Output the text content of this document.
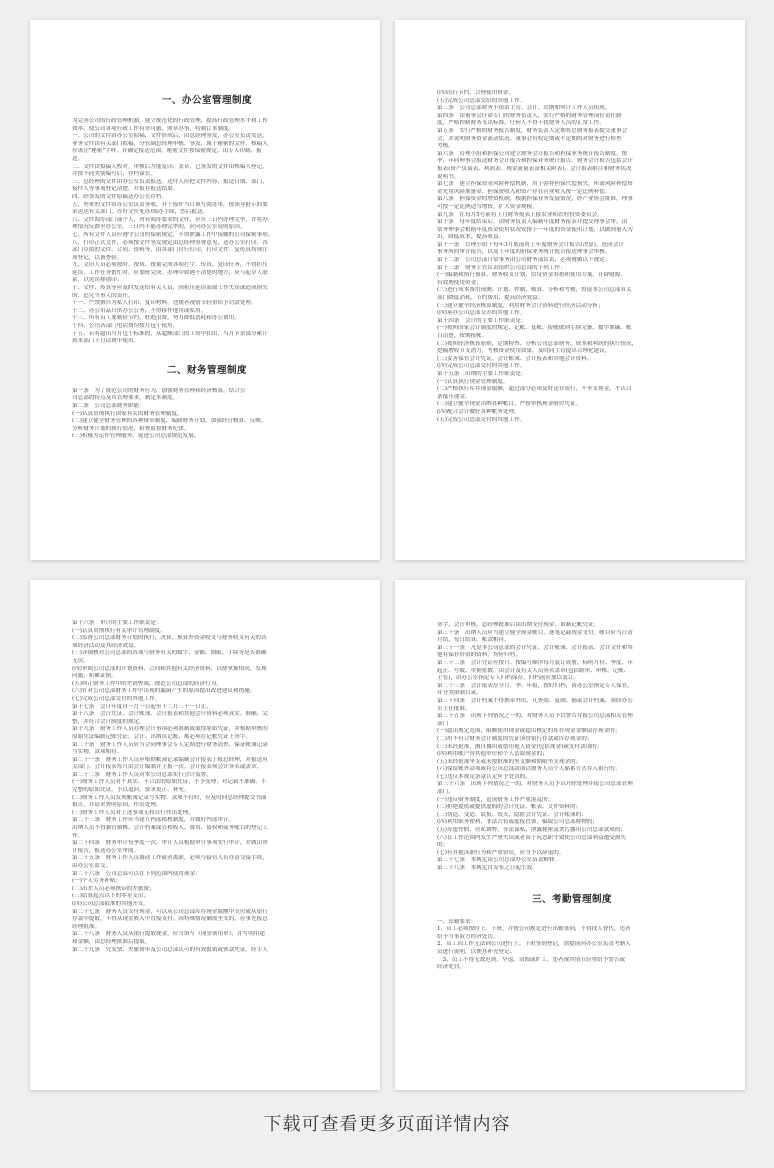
一、办公室管理制度
为完善公司的行政管理机制，建立规范化的行政管理，提高行政管理水平和工作
效率，使公司各项行政工作有章可循、照章办事，特制订本制度。
一、公司的文件由办公室拟稿，文件形成后，由总经理签发，办公室负责发送。
业务文件由有关部门拟稿，分管副总经理审核、签发，属于秘密的文件，核稿人
应该注"秘密"字样，并确定报送范围。秘密文件按保密规定，由专人印制、报
送。
二、文件由拟稿人校对，审核后方能复印、盖章，已签发的文件由核稿人登记，
并按不同类别编号后，存档保管。
三、总经理的文件由办公室负责报送。送件人应把文件内容，报送日期、部门、
接件人等事项登记清楚，并报存报送结果。
四、经签发的文件原稿送办公室存档。
五、外来的文件由办公室负责签收，并于接件当日填写阅办单，按领导批示的要
求送达有关部门，办好文件处办/阅办手续，然后报送。
六、文件阅办部门或个人，对有阅办要求的文件，应在三日内办理完毕，并将办
理情况反馈至办公室。三日内不能办理完毕的，应向办公室说明原因。
七、所有文件人员应遵守公司的保密规定，不得泄露工作中接触的公司保密事项。
八、打印正式文件，必须按文件签发规定由总经理签署意见，送办公室打印。各
部门草拟的文件、合同、资料等，由各部门自行打印，打印文件、复传真均须注
项登记，以备查验。
九、文印人员必须按时、按质、按量完成各项打字、传真、复印任务，不得拒压
延误。工作任务繁忙时，应加班完成。办理中如遇不清楚的地方，应与起草人联
系，以免误排错印。
十、文件、传真等应及时发送给有关人员，因积压延误而致工作失误或造成损失
的，追究当事人的责任。
十一、严禁擅自为私人打印、复印材料，违规者视情节轻重给予罚款处理。
十二、办公用品只供办公公务，不得移作他用或私用。
十三、所有员工要勤俭节约，杜绝浪费，努力降低消耗和办公费用。
十四、公司各部门电话费均按月包干使用。
十五、若有超出当月包干标准的，从超额部门的工资中扣出，当月节余部分累计
到本部门下月话费中使用。
二、财务管理制度
第一条　为了规范公司的财务行为，加强财务管理和经济核算，结合公
司总部的特点及其管理要求，制定本制度。
第二条　公司总部财务职能：
(一)认真贯彻执行国家有关的财务管理制度。
(二)建立健全财务管理的各种规章制度，编制财务计划，加强经营核算，反映、
分析财务计划的执行情况，检查监督财务纪律。
(三)积极为运作管理服务，促进公司总部规范发展。
(四)厉行节约，合理使用资金。
(五)完成公司总部交给的其他工作。
第三条　公司总部财务小组由主管、会计、出纳和审计工作人员组成。
第四条　由董事会任命专门的财务负责人，实行严格的财务管理岗位责任制
度，严格控制财务支出标准，任何人不得干扰财务人员的正常工作。
第五条　实行严格的财务报告制度，财务负责人定期将总财务报表提交董事会
会，并说明财务资金流动状况。董事会有权定期或不定期的对财务进行检查
考核。
第六条　管理小组和担保公司建立财务会计报告和担保业务统计报告制度，按
季、年向理事会报送财务会计报告和担保业务统计报告。财务会计报告包括会计
报表(资产负债表、利润表、现金流量表及相关附表)、会计报表附注和财务状况
说明书。
第七条　建立担保资金风险补偿机制，用于弥补担保代偿损失，所需风险补偿资
金先用风险准备金、担保费收入和资产存在营业收入按一定比例补偿。
第八条　担保资金的增资机制，根据担保业务发展情况，经产业协会批准，理事
可按一定比例适当增资，扩大资金规模。
第九条　在每月5号前将上月财务报表上报农业和农村投资委员会。
第十条　每年度结束后，由财务负责人编制年度财务报表并提交理事会审，由
常务理事会根据年度资金使用状况安排下一年度的资金使用计划，以做到量入为
出，降低成本，提高收益。
第十一条　管理小组于每年3月底前将上年度财务会计报告(决算)，连同会计
事务所的审计报告，以及上年度的担保业务统计报告报送理事会审核。
第十二条　公司总部日常事务由公司财务部负责，必须遵循以下规定：
第十三条　财务主管负责组织公司总部的下列工作：
(一)编制和执行预算、财务收支计划、信贷资金筹措和使用方案，开辟财源，
有效地使用资金；
(二)进行成本费用预测、计划、控制、核算、分析和考核，督促本公司总部有关
部门降低消耗、节约费用，提高经济效益；
(三)建立健全经济核算制度，利用财务会计资料进行经济活动分析；
(四)承办公司总部交办的其他工作。
第十四条　会计的主要工作职责是：
(一)按照国家会计制度的规定、记帐、复帐、报帐做到手续完备、数字准确、帐
目清楚、按期报帐。
(二)按照经济核算原则，定期检查、分析公司总部财务、成本和利润的执行情况，
挖掘增收节支潜力，考核资金使用效果，及时向主管提出合理化建议。
(三)妥善保管会计凭证、会计账簿、会计报表和其他会计资料。
(四)完成公司总部交付的其他工作。
第十五条　出纳的主要工作职责是：
(一)认真执行现金管理制度。
(二)严格执行库存现金限额，超过部分必须及时送存银行，不坐支现金，不认白
条抵压现金。
(三)建立健全现金出纳各种帐目，严格审核现金收付凭证。
(四)配合会计做好各种帐务处理。
(五)完成公司总部交付的其他工作。
第十六条　审计的主要工作职责是：
(一)认真贯彻执行有关审计管理制度。
(二)监督公司总部财务计划的执行，决算、预算外资金收支与财务收支有关的各
项经济活动及其经济效益。
(三)详细核对公司总部的各项与财务有关的数字、金额、期限、手续等是否准确
无误。
(四)审阅公司总部的计划资料、合同和其他有关经济资料，以便掌握情况，发现
问题，积累证据。
(五)纠正财务工作中的差错弊端，规范公司总部的经济行为。
(六)针对公司总部财务工作中出现的漏洞产生的原因提出改进建议和措施。
(七)完成公司总部交付的其他工作。
第十七条　会计年度自一月一日起至十二月三十一日止。
第十八条　会计凭证、会计帐簿、会计报表和其他会计资料必须真实、准确、完
整，并符合会计制度的规定。
第十九条　财务工作人员办理会计事项必须填制或取得原始凭证，并根据审核的
原始凭证编制记账凭证。会计、出纳员记账，都必须在记帐凭证上签字。
第二十条　财务工作人员应当会同理事会专人定期进行财务清查，保证帐簿记录
与实物、款项相符。
第二十一条　财务工作人员应根据帐簿记录编制会计报表上报总经理，并报送有
关部门。会计报表每月由会计编制并上报一次。会计报表须会计签名或盖章。
第二十二条　财务工作人员对本公司总部实行会计监督。
(一)财务工作人员对不真实、不合法的原始凭证，不予受理；对记载不准确、不
完整的原始凭证，予以退回，要求更正、补充。
(二)财务工作人员发现帐簿记录与实物、款项不符时，应及时向总经理提交书面
报告，并请求查明原因，作出处理。
(三)财务工作人员对上述事项无权自行作出处理。
第二十三条　财务工作应当建立内部稽核制度，并做好内部审计。
出纳人员不得兼管稽核、会计档案保管和收入、费用、债权和债务帐目的登记工
作。
第二十四条　财务审计每季度一次。审计人员根据审计事项实行审计，并做出审
计报告，报送办公室审阅。
第二十五条　财务工作人员调动工作或者离职，必须与接管人员办清交接手续，
由办公室监交。
第二十六条　公司总部可以在下列范围内使用现金：
(一)个人劳务补贴；
(二)出差人员必须携带的差旅费；
(三)结算起点以下的零星支出；
(四)公司总部批准的其他开支。
第二十七条　财务人员支付现金，可以从公司总部库存现金限额中支付或从银行
存款中提取，不得从现金收入中直接支付。因特殊情况确需坐支的，应事先报总
经理批准。
第二十八条　财务人员从银行提取现金，应当填写《现金领用单》，并写明用途
和金额，由总经理批准后提取。
第二十九条　凭发票、差旅费单及公司总部认可的有效报销或领款凭证，经手人
签字，会计审核，总经理批准后由出纳支付现金，填制记帐凭证。
第三十条　出纳人员应当建立健全现金帐目，逐笔记载现金支付。帐目应当日清
月结，每日结算，帐款相符。
第三十一条　凡是本公司总部的会计凭证、会计帐簿、会计报表、会计文件和其
他有保存价值的资料，均应归档。
第三十二条　会计凭证应按月、按编号顺序每月装订成册，标明月份、季度、年
起止、号数、单据张数，由会计及有关人员签名盖章(包括制单、审核、记帐、
主管)，由办公室指定专人归档保存，归档前应加以装订。
第三十三条　会计报表应分月、季、年报，按时归档，由办公室指定专人保管，
并分类填制目录。
第三十四条　会计档案不得携带外出，凡查阅、复制、摘录会计档案，须经办公
室主任批准。
第三十五条　出现下列情况之一的，对财务人员予以警告并报公司总部相关管理
部门
(一)超出规定范围，限额使用现金或超出核定的库存现金金额留存现金的；
(二)用不符合财务会计制度的凭证顶替银行存款或库存现金的；
(三)未经批准，擅自挪用或借用他人资金(包括现金)或支付款项的；
(四)利用帐户替其他单位和个人套取现金的；
(五)未经批准坐支或未按批准的坐支额和期限坐支现金的；
(六)保留帐外款项或将公司总部款项以财务人员个人储蓄方式存入银行的；
(七)违反本规定条款认定应予处罚的。
第三十六条　出现下列情况之一的，对财务人员予以开除处理并报公司总部管理
部门。
(一)违反财务制度，造成财务工作严重混乱的；
(二)拒绝提供或提供虚假的会计凭证、帐表、文件资料的；
(三)伪造、变造、谎报、毁灭、隐匿会计凭证、会计帐簿的；
(四)利用职务便利，非法占有或虚报冒领、骗取公司总部财物的；
(五)弄虚作假、营私舞弊，非法谋私，泄露秘密及贪污挪用公司总部款项的；
(六)在工作范围内发生严重失误或者由于玩忽职守致使公司总部利益遭受损失
的；
(七)有其他渎职行为和严重错误，应当予以辞退的。
第三十七条　本规定由公司总部办公室负责解释。
第三十八条　本规定自发布之日起生效。
三、考勤管理制度
一、出勤要求：
1、员工必须按时上、下班，并按公司规定进行出勤签到，不得找人替代，违者
给予当事双方经济处罚。
2、员工因工作无法到公司进行上、下班签到登记，需提前向办公室负责考勤人
员进行说明，以便其补充登记。
　3、员工不得无故迟到、早退、请假或旷工，违者视其情节轻重给予警告或
经济处罚。
下载可查看更多页面详情内容
